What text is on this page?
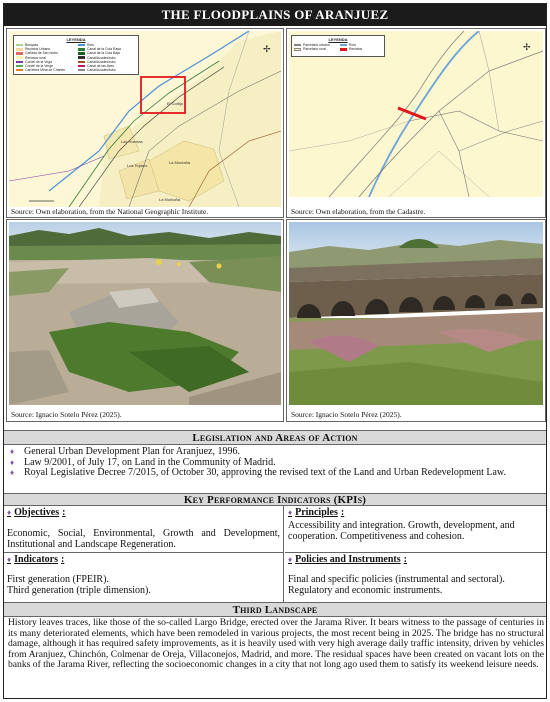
THE FLOODPLAINS OF ARANJUEZ
El Cortijo
Las Huertas
Los Tejares
La Montaña
La Montaña
LEYENDA
Bosques
Recintos Urbano
Cañada de San Isidro
Recintos rural
Cordel de la Vega
Cordel de la Verge
Carretera Mina de Charles
Ríos
Canal de la Cola Rasa
Canal de la Cola Baja
Canal/Azudes/tubo
Canal/Azudes/tubo
Canal de las Aves
Canal/Azudes/tubo
✢
Source: Own elaboration, from the National Geographic Institute.
LEYENDA
Parcelario urbano
Parcelario rural
Ríos
Recintos	✢
Source: Own elaboration, from the Cadastre.
Source: Ignacio Sotelo Pérez (2025).	Source: Ignacio Sotelo Pérez (2025).
Legislation and Areas of Action
♦ General Urban Development Plan for Aranjuez, 1996.
♦ Law 9/2001, of July 17, on Land in the Community of Madrid.
♦ Royal Legislative Decree 7/2015, of October 30, approving the revised text of the Land and Urban Redevelopment Law.
Key Performance Indicators (KPIs)
♦ Objectives :
Economic, Social, Environmental, Growth and Development, Institutional and Landscape Regeneration.
♦ Principles :
Accessibility and integration. Growth, development, and cooperation. Competitiveness and cohesion.
♦ Indicators :
First generation (FPEIR).
Third generation (triple dimension).
♦ Policies and Instruments :
Final and specific policies (instrumental and sectoral).
Regulatory and economic instruments.
Third Landscape
History leaves traces, like those of the so-called Largo Bridge, erected over the Jarama River. It bears witness to the passage of centuries in its many deteriorated elements, which have been remodeled in various projects, the most recent being in 2025. The bridge has no structural damage, although it has required safety improvements, as it is heavily used with very high average daily traffic intensity, driven by vehicles from Aranjuez, Chinchón, Colmenar de Oreja, Villaconejos, Madrid, and more. The residual spaces have been created on vacant lots on the banks of the Jarama River, reflecting the socioeconomic changes in a city that not long ago used them to satisfy its weekend leisure needs.
